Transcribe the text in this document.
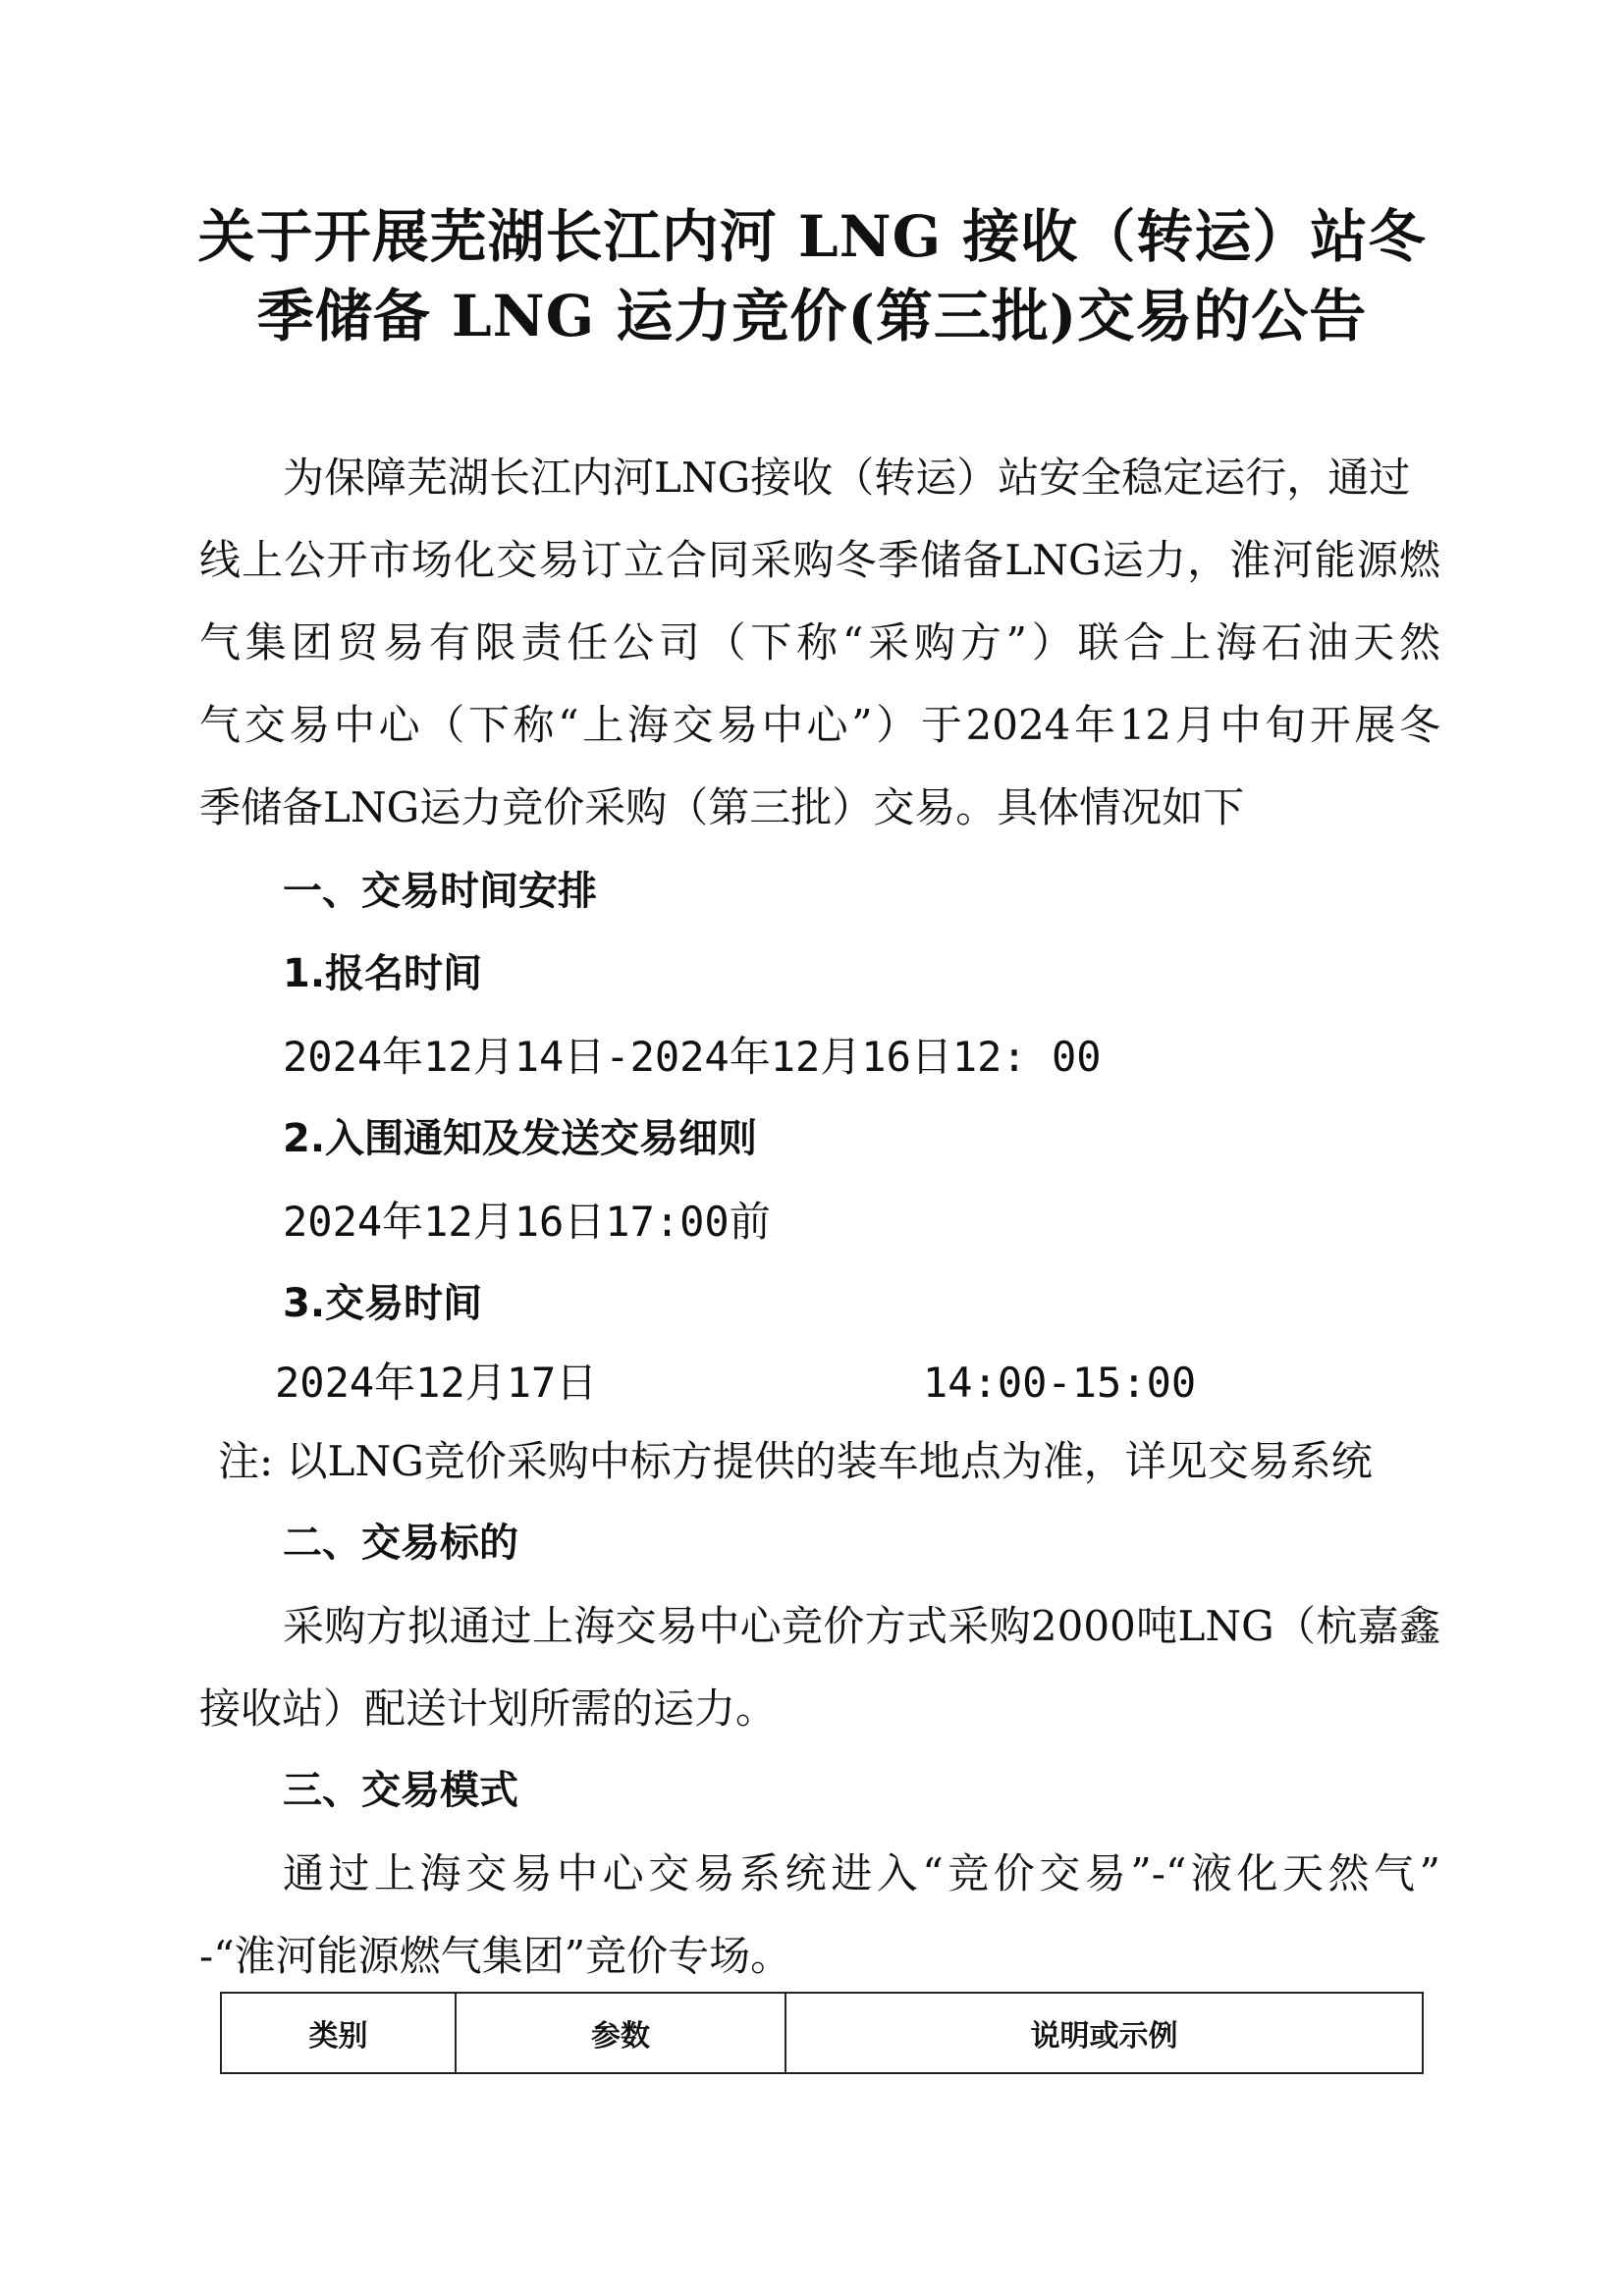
关于开展芜湖长江内河 LNG 接收（转运）站冬
季储备 LNG 运力竞价(第三批)交易的公告
为保障芜湖长江内河LNG接收（转运）站安全稳定运行，通过
线上公开市场化交易订立合同采购冬季储备LNG运力，淮河能源燃
气集团贸易有限责任公司（下称“采购方”）联合上海石油天然
气交易中心（下称“上海交易中心”）于2024年12月中旬开展冬
季储备LNG运力竞价采购（第三批）交易。具体情况如下
一、交易时间安排
1.报名时间
2024年12月14日-2024年12月16日12: 00
2.入围通知及发送交易细则
2024年12月16日17:00前
3.交易时间
2024年12月17日	14:00-15:00
注: 以LNG竞价采购中标方提供的装车地点为准，详见交易系统
二、交易标的
采购方拟通过上海交易中心竞价方式采购2000吨LNG（杭嘉鑫
接收站）配送计划所需的运力。
三、交易模式
通过上海交易中心交易系统进入“竞价交易”-“液化天然气”
-“淮河能源燃气集团”竞价专场。
类别	参数	说明或示例
